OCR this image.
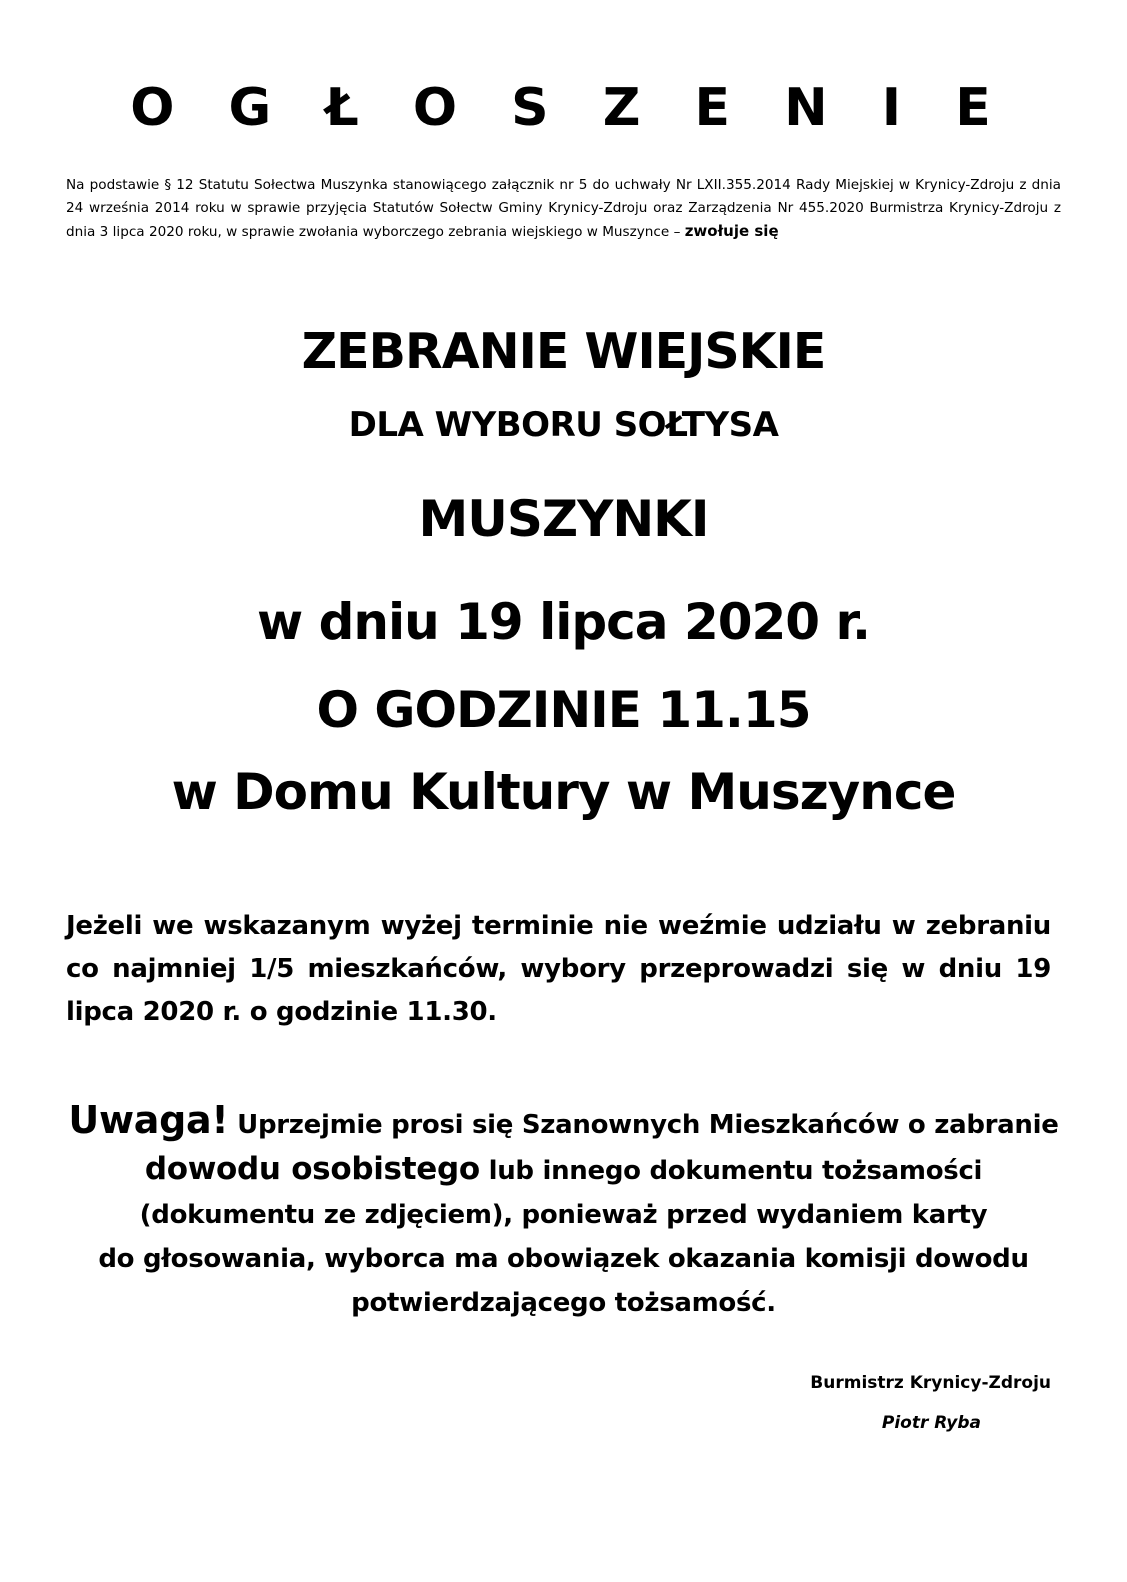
O G Ł O S Z E N I E
Na podstawie § 12 Statutu Sołectwa Muszynka stanowiącego załącznik nr 5 do uchwały Nr LXII.355.2014 Rady Miejskiej w Krynicy-Zdroju z dnia 24 września 2014 roku w sprawie przyjęcia Statutów Sołectw Gminy Krynicy-Zdroju oraz Zarządzenia Nr 455.2020 Burmistrza Krynicy-Zdroju z dnia 3 lipca 2020 roku, w sprawie zwołania wyborczego zebrania wiejskiego w Muszynce – zwołuje się
ZEBRANIE WIEJSKIE
DLA WYBORU SOŁTYSA
MUSZYNKI
w dniu 19 lipca 2020 r.
O GODZINIE 11.15
w Domu Kultury w Muszynce
Jeżeli we wskazanym wyżej terminie nie weźmie udziału w zebraniu co najmniej 1/5 mieszkańców, wybory przeprowadzi się w dniu 19 lipca 2020 r. o godzinie 11.30.
Uwaga! Uprzejmie prosi się Szanownych Mieszkańców o zabranie
dowodu osobistego lub innego dokumentu tożsamości
(dokumentu ze zdjęciem), ponieważ przed wydaniem karty
do głosowania, wyborca ma obowiązek okazania komisji dowodu
potwierdzającego tożsamość.
Burmistrz Krynicy-Zdroju
Piotr Ryba
